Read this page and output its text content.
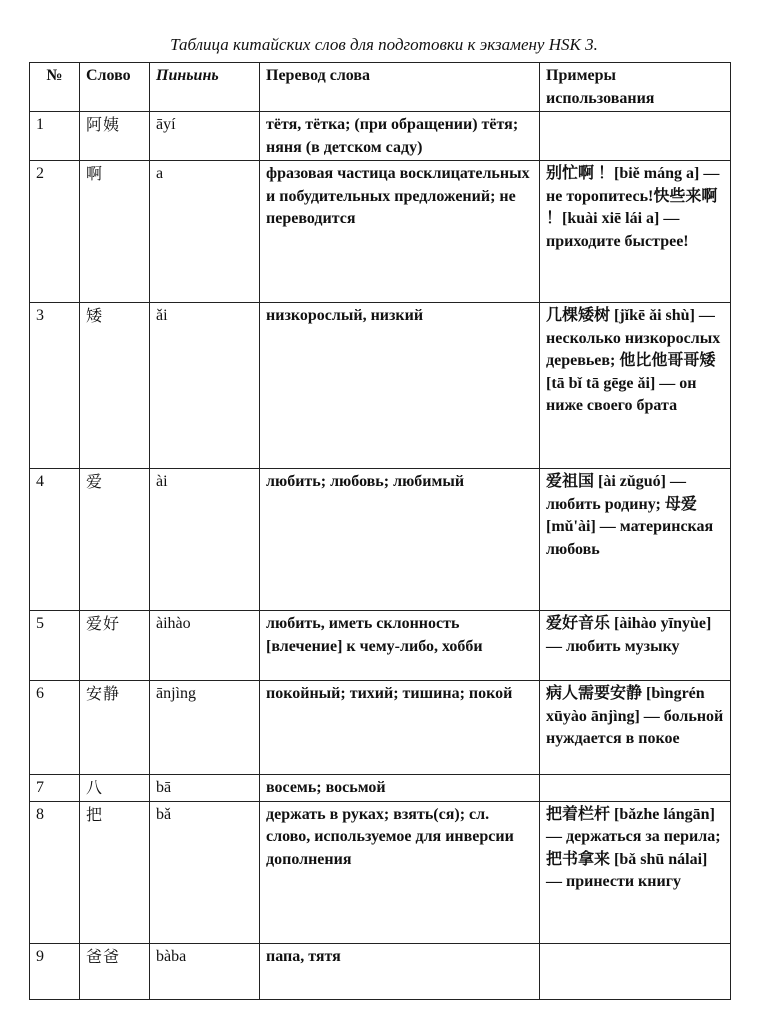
Таблица китайских слов для подготовки к экзамену HSK 3.
№	Слово	Пиньинь	Перевод слова	Примеры использования
1	阿姨	āyí	тётя, тётка; (при обращении) тётя; няня (в детском саду)	
2	啊	a	фразовая частица восклицательных и побудительных предложений; не переводится	别忙啊 ！[biě máng a] — не торопитесь!快些来啊 ！[kuài xiē lái a] — приходите быстрее!
3	矮	ǎi	низкорослый, низкий	几棵矮树 [jǐkē ǎi shù] — несколько низкорослых деревьев; 他比他哥哥矮 [tā bǐ tā gēge ǎi] — он ниже своего брата
4	爱	ài	любить; любовь; любимый	爱祖国 [ài zǔguó] — любить родину; 母爱 [mǔ'ài] — материнская любовь
5	爱好	àihào	любить, иметь склонность [влечение] к чему-либо, хобби	爱好音乐 [àihào yīnyùe] — любить музыку
6	安静	ānjìng	покойный; тихий; тишина; покой	病人需要安静 [bìngrén xūyào ānjìng] — больной нуждается в покое
7	八	bā	восемь; восьмой	
8	把	bǎ	держать в руках; взять(ся); сл. слово, используемое для инверсии дополнения	把着栏杆 [bǎzhe lángān] — держаться за перила; 把书拿来 [bǎ shū nálai] — принести книгу
9	爸爸	bàba	папа, тятя	
